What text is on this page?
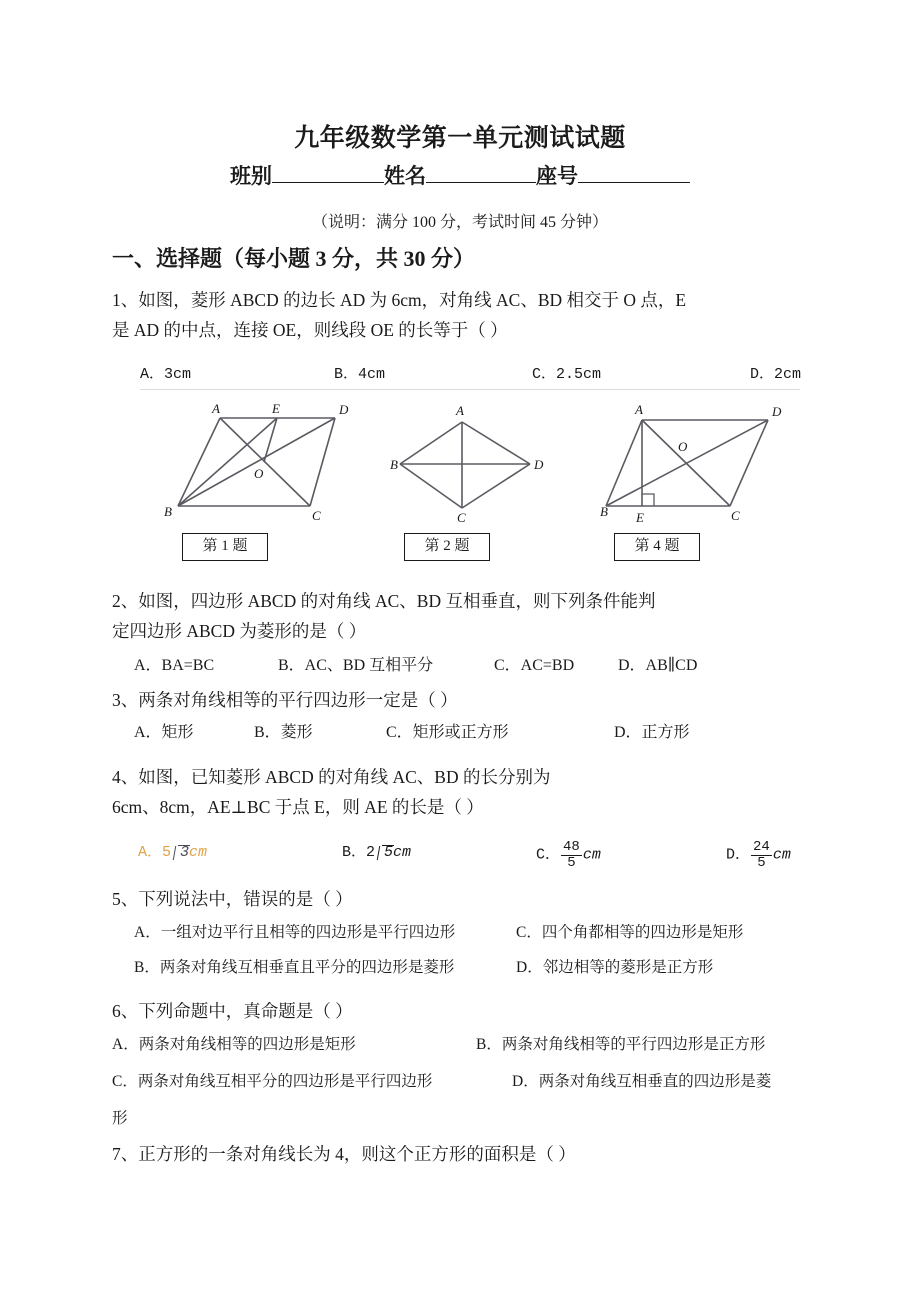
九年级数学第一单元测试试题
班别	姓名	座号
（说明：满分 100 分，考试时间 45 分钟）
一、选择题（每小题 3 分，共 30 分）
1、如图，菱形 ABCD 的边长 AD 为 6cm，对角线 AC、BD 相交于 O 点，E
是 AD 的中点，连接 OE，则线段 OE 的长等于（ ）
A．3cm	B．4cm	C．2.5cm	D．2cm
A	E	D
B	C
O
第 1 题
A
D
C
B
第 2 题
A	D
B E	C
O
第 4 题
2、如图，四边形 ABCD 的对角线 AC、BD 互相垂直，则下列条件能判
定四边形 ABCD 为菱形的是（ ）
A．BA=BC	B．AC、BD 互相平分	C．AC=BD	D．AB∥CD
3、两条对角线相等的平行四边形一定是（ ）
A．矩形	B．菱形	C．矩形或正方形	D．正方形
4、如图，已知菱形 ABCD 的对角线 AC、BD 的长分别为
6cm、8cm，AE⊥BC 于点 E，则 AE 的长是（ ）
A．5 3cm	B．2 5cm	C． $\frac{48}{5}$ cm	D． $\frac{24}{5}$ cm
5、下列说法中，错误的是（ ）
A．一组对边平行且相等的四边形是平行四边形	C．四个角都相等的四边形是矩形
B．两条对角线互相垂直且平分的四边形是菱形	D．邻边相等的菱形是正方形
6、下列命题中，真命题是（ ）
A．两条对角线相等的四边形是矩形	B．两条对角线相等的平行四边形是正方形
C．两条对角线互相平分的四边形是平行四边形	D．两条对角线互相垂直的四边形是菱
形
7、正方形的一条对角线长为 4，则这个正方形的面积是（ ）
